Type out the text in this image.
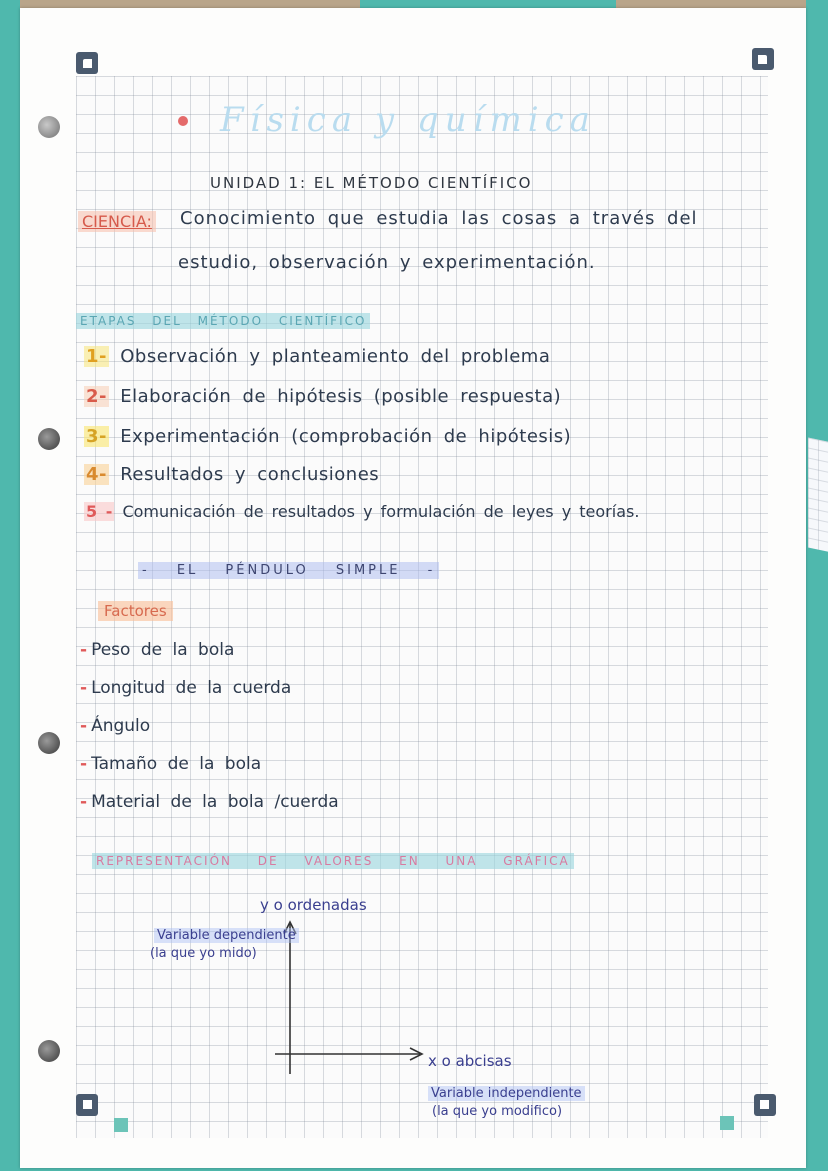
Física y química
UNIDAD 1: EL MÉTODO CIENTÍFICO
CIENCIA: Conocimiento que estudia las cosas a través del
estudio, observación y experimentación.
ETAPAS DEL MÉTODO CIENTÍFICO
1- Observación y planteamiento del problema
2- Elaboración de hipótesis (posible respuesta)
3- Experimentación (comprobación de hipótesis)
4- Resultados y conclusiones
5 - Comunicación de resultados y formulación de leyes y teorías.
- EL PÉNDULO SIMPLE -
Factores
- Peso de la bola
- Longitud de la cuerda
- Ángulo
- Tamaño de la bola
- Material de la bola /cuerda
REPRESENTACIÓN DE VALORES EN UNA GRÁFICA
y o ordenadas
Variable dependiente
(la que yo mido)
x o abcisas
Variable independiente
(la que yo modifico)
